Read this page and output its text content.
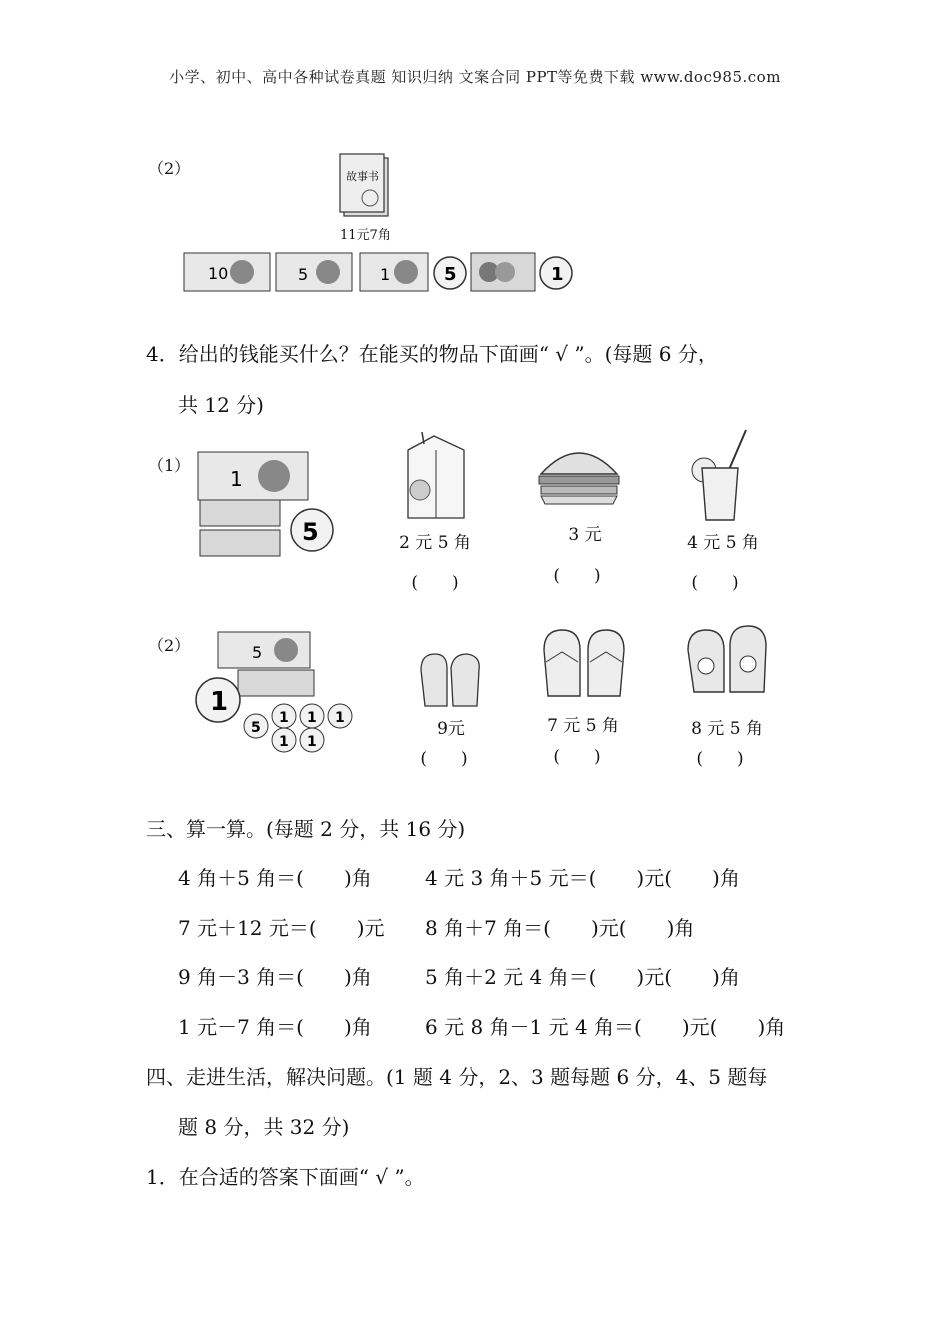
小学、初中、高中各种试卷真题 知识归纳 文案合同 PPT等免费下载 www.doc985.com
（2）	故事书
11元7角
10	5	1	5	1
4．给出的钱能买什么？在能买的物品下面画“ √ ”。(每题 6 分，
共 12 分)
（1）
1
5	2 元 5 角	3 元	4 元 5 角
(　　)	(　　)	(　　)
（2）	5
1
5
1 1 1
1 1
9元	7 元 5 角	8 元 5 角
(　　)	(　　)	(　　)
三、算一算。(每题 2 分，共 16 分)
4 角＋5 角＝(　　)角	4 元 3 角＋5 元＝(　　)元(　　)角
7 元＋12 元＝(　　)元 8 角＋7 角＝(　　)元(　　)角
9 角－3 角＝(　　)角	5 角＋2 元 4 角＝(　　)元(　　)角
1 元－7 角＝(　　)角	6 元 8 角－1 元 4 角＝(　　)元(　　)角
四、走进生活，解决问题。(1 题 4 分，2、3 题每题 6 分，4、5 题每
题 8 分，共 32 分)
1．在合适的答案下面画“ √ ”。
